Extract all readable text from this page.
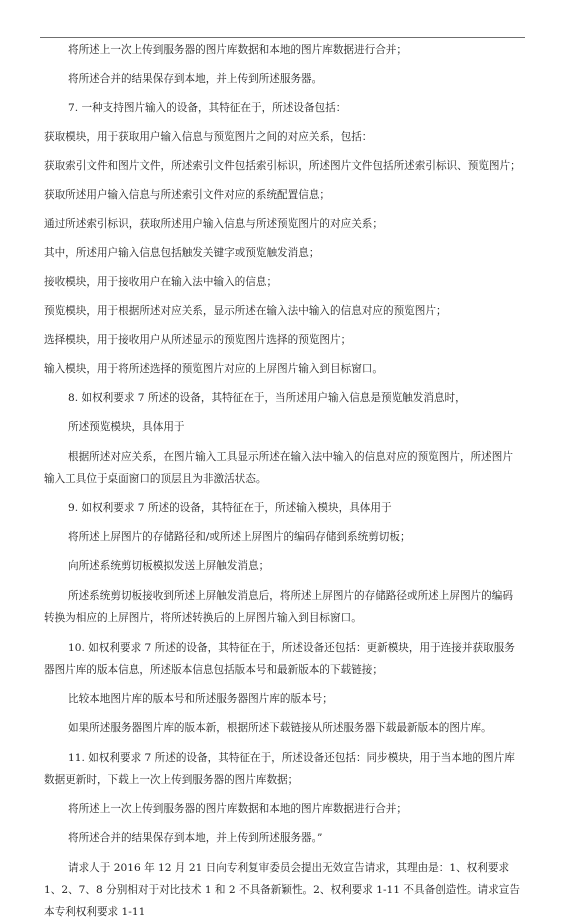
将所述上一次上传到服务器的图片库数据和本地的图片库数据进行合并；

将所述合并的结果保存到本地，并上传到所述服务器。

7. 一种支持图片输入的设备，其特征在于，所述设备包括：

获取模块，用于获取用户输入信息与预览图片之间的对应关系，包括：

获取索引文件和图片文件，所述索引文件包括索引标识，所述图片文件包括所述索引标识、预览图片；

获取所述用户输入信息与所述索引文件对应的系统配置信息；

通过所述索引标识，获取所述用户输入信息与所述预览图片的对应关系；

其中，所述用户输入信息包括触发关键字或预览触发消息；

接收模块，用于接收用户在输入法中输入的信息；

预览模块，用于根据所述对应关系，显示所述在输入法中输入的信息对应的预览图片；

选择模块，用于接收用户从所述显示的预览图片选择的预览图片；

输入模块，用于将所述选择的预览图片对应的上屏图片输入到目标窗口。

8. 如权利要求 7 所述的设备，其特征在于，当所述用户输入信息是预览触发消息时，

所述预览模块，具体用于

根据所述对应关系，在图片输入工具显示所述在输入法中输入的信息对应的预览图片，所述图片输入工具位于桌面窗口的顶层且为非激活状态。

9. 如权利要求 7 所述的设备，其特征在于，所述输入模块，具体用于

将所述上屏图片的存储路径和/或所述上屏图片的编码存储到系统剪切板；

向所述系统剪切板模拟发送上屏触发消息；

所述系统剪切板接收到所述上屏触发消息后，将所述上屏图片的存储路径或所述上屏图片的编码转换为相应的上屏图片，将所述转换后的上屏图片输入到目标窗口。

10. 如权利要求 7 所述的设备，其特征在于，所述设备还包括：更新模块，用于连接并获取服务器图片库的版本信息，所述版本信息包括版本号和最新版本的下载链接；

比较本地图片库的版本号和所述服务器图片库的版本号；

如果所述服务器图片库的版本新，根据所述下载链接从所述服务器下载最新版本的图片库。

11. 如权利要求 7 所述的设备，其特征在于，所述设备还包括：同步模块，用于当本地的图片库数据更新时，下载上一次上传到服务器的图片库数据；

将所述上一次上传到服务器的图片库数据和本地的图片库数据进行合并；

将所述合并的结果保存到本地，并上传到所述服务器。”

请求人于 2016 年 12 月 21 日向专利复审委员会提出无效宣告请求，其理由是：1、权利要求 1、2、7、8 分别相对于对比技术 1 和 2 不具备新颖性。2、权利要求 1-11 不具备创造性。请求宣告本专利权利要求 1-11
